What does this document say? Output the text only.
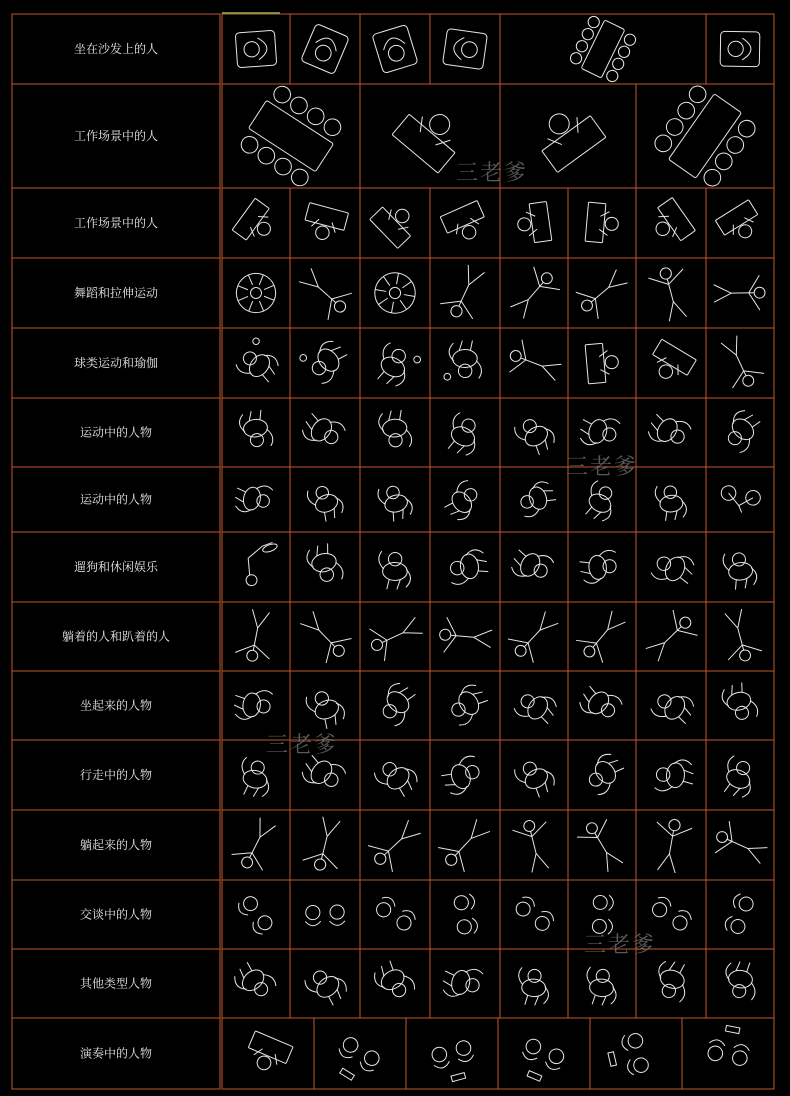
坐在沙发上的人
工作场景中的人
工作场景中的人
舞蹈和拉伸运动
球类运动和瑜伽
运动中的人物
运动中的人物
遛狗和休闲娱乐
躺着的人和趴着的人
坐起来的人物
行走中的人物
躺起来的人物
交谈中的人物
其他类型人物
演奏中的人物
三老爹
三老爹
三老爹
三老爹
